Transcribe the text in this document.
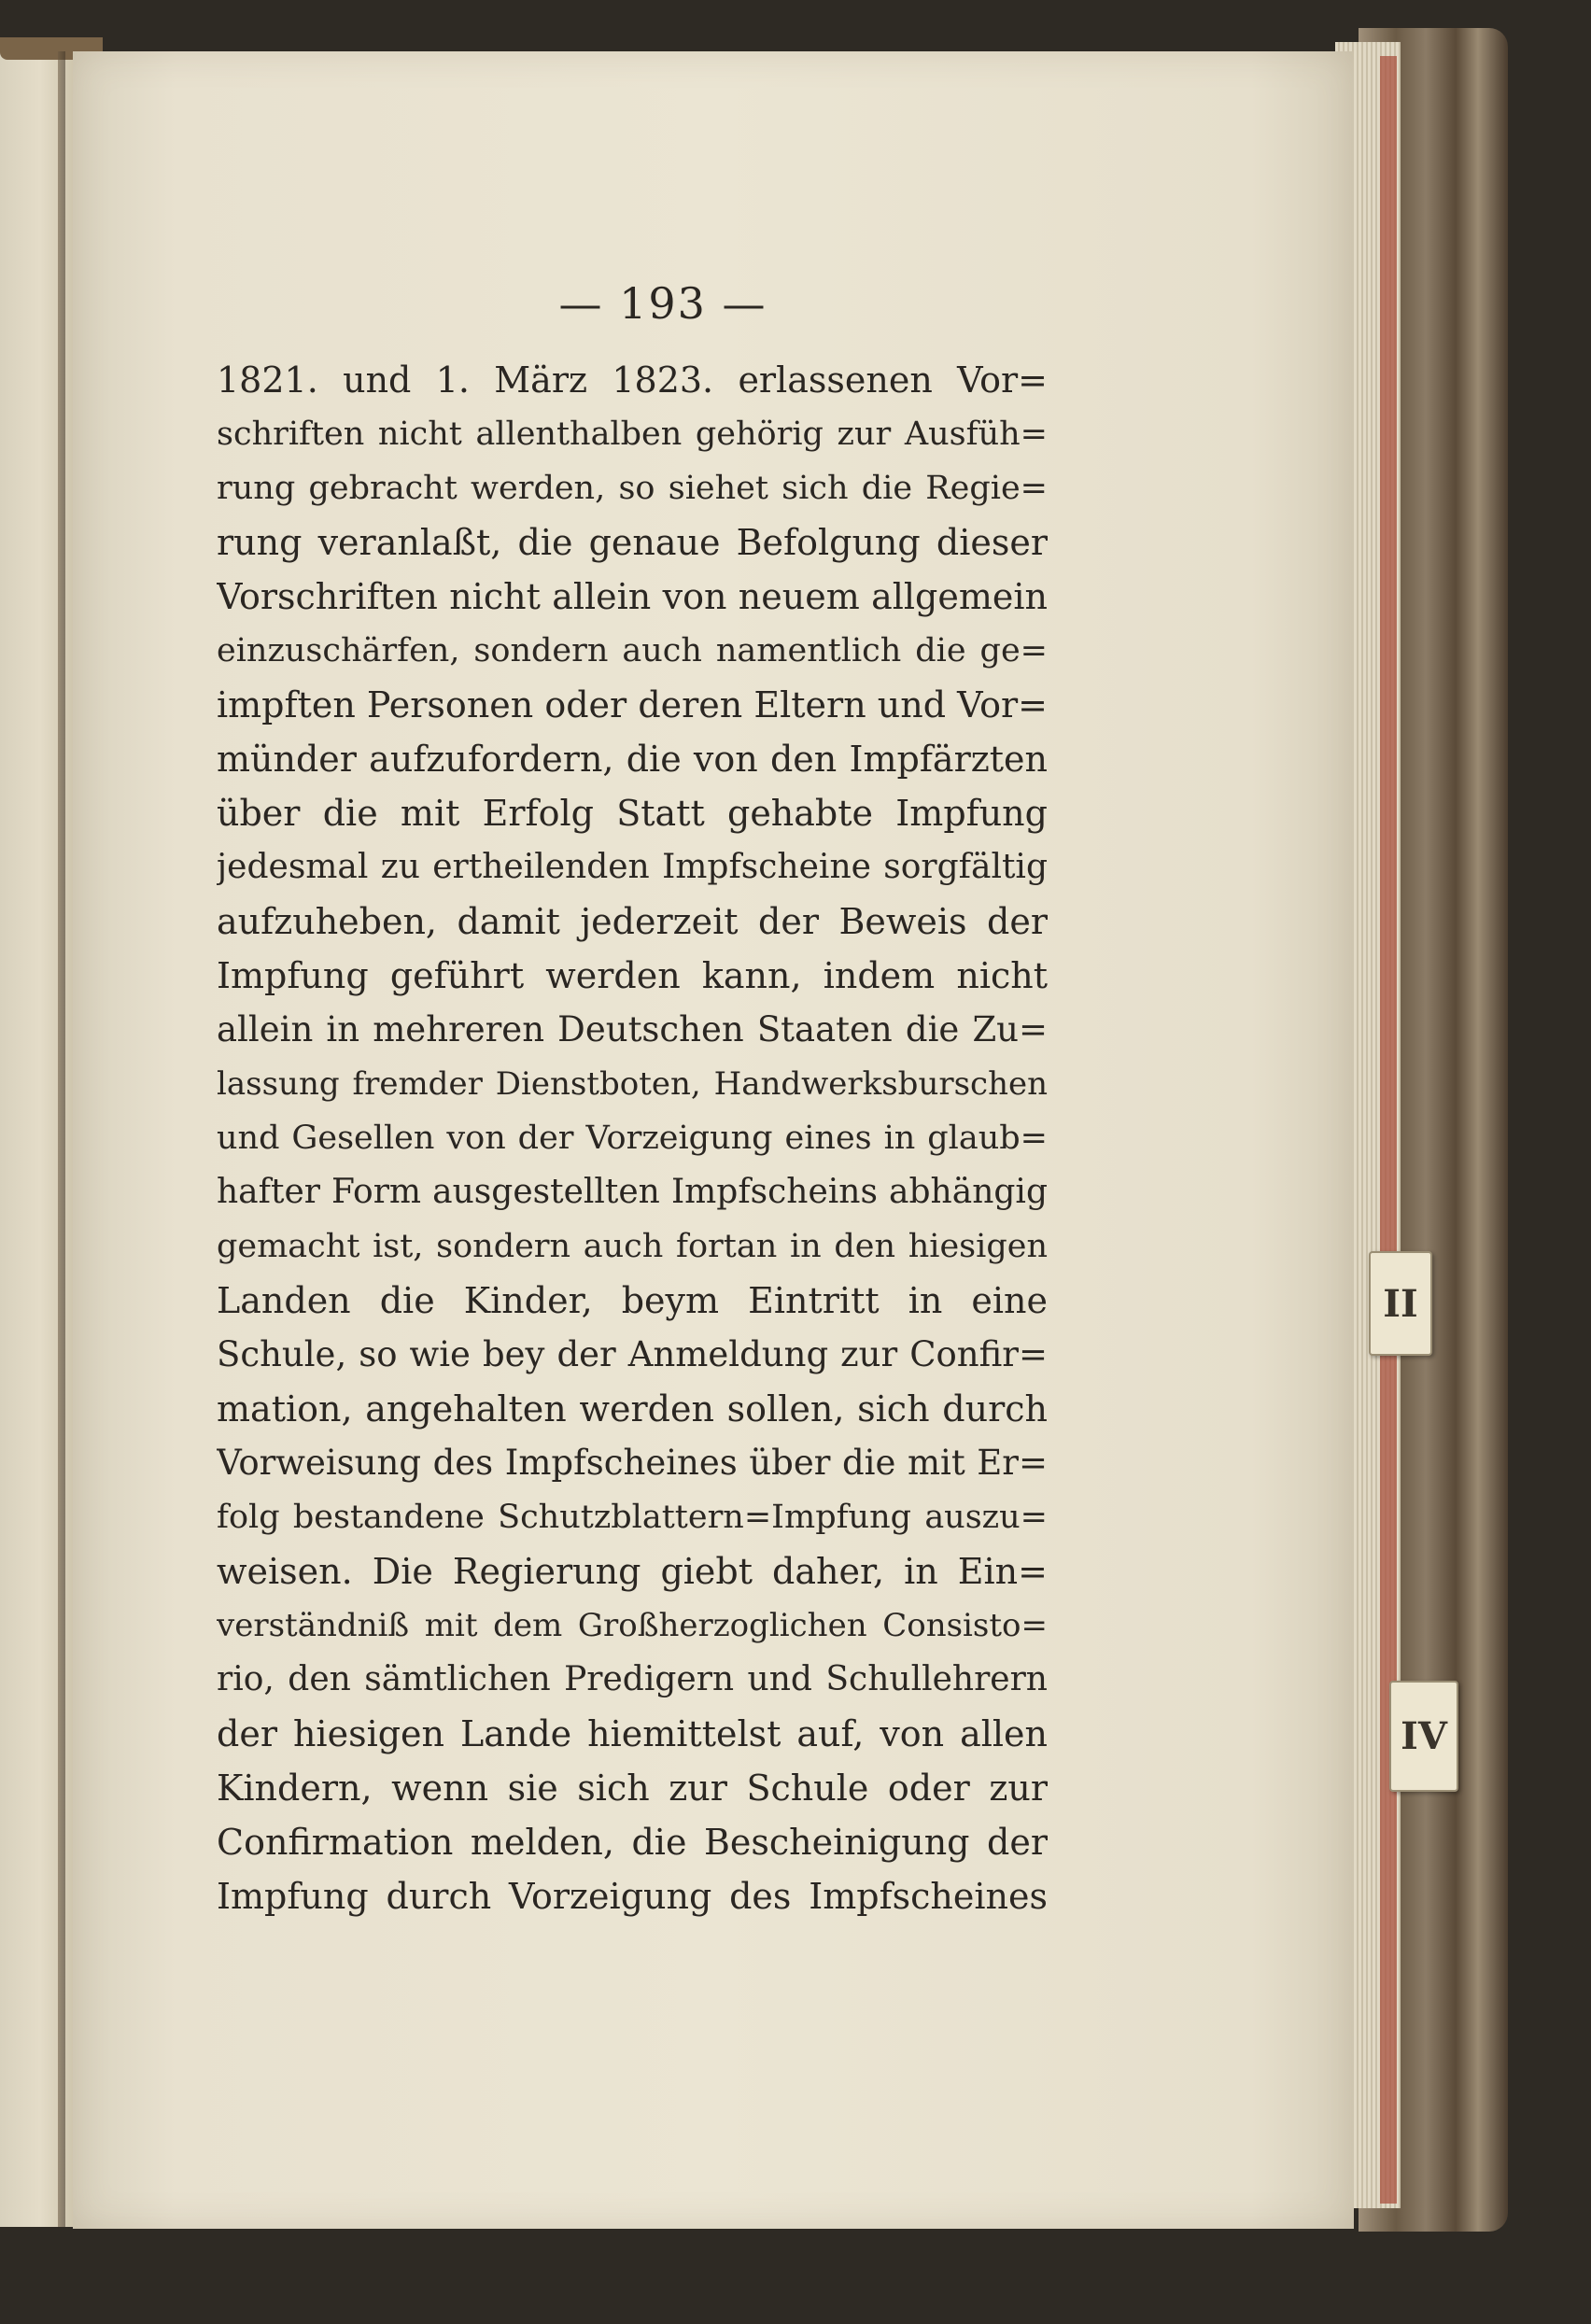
— 193 —
1821. und 1. März 1823. erlassenen Vor=
schriften nicht allenthalben gehörig zur Ausfüh=
rung gebracht werden, so siehet sich die Regie=
rung veranlaßt, die genaue Befolgung dieser
Vorschriften nicht allein von neuem allgemein
einzuschärfen, sondern auch namentlich die ge=
impften Personen oder deren Eltern und Vor=
münder aufzufordern, die von den Impfärzten
über die mit Erfolg Statt gehabte Impfung
jedesmal zu ertheilenden Impfscheine sorgfältig
aufzuheben, damit jederzeit der Beweis der
Impfung geführt werden kann, indem nicht
allein in mehreren Deutschen Staaten die Zu=
lassung fremder Dienstboten, Handwerksburschen
und Gesellen von der Vorzeigung eines in glaub=
hafter Form ausgestellten Impfscheins abhängig
gemacht ist, sondern auch fortan in den hiesigen
Landen die Kinder, beym Eintritt in eine
Schule, so wie bey der Anmeldung zur Confir=
mation, angehalten werden sollen, sich durch
Vorweisung des Impfscheines über die mit Er=
folg bestandene Schutzblattern=Impfung auszu=
weisen. Die Regierung giebt daher, in Ein=
verständniß mit dem Großherzoglichen Consisto=
rio, den sämtlichen Predigern und Schullehrern
der hiesigen Lande hiemittelst auf, von allen
Kindern, wenn sie sich zur Schule oder zur
Confirmation melden, die Bescheinigung der
Impfung durch Vorzeigung des Impfscheines
II
IV
